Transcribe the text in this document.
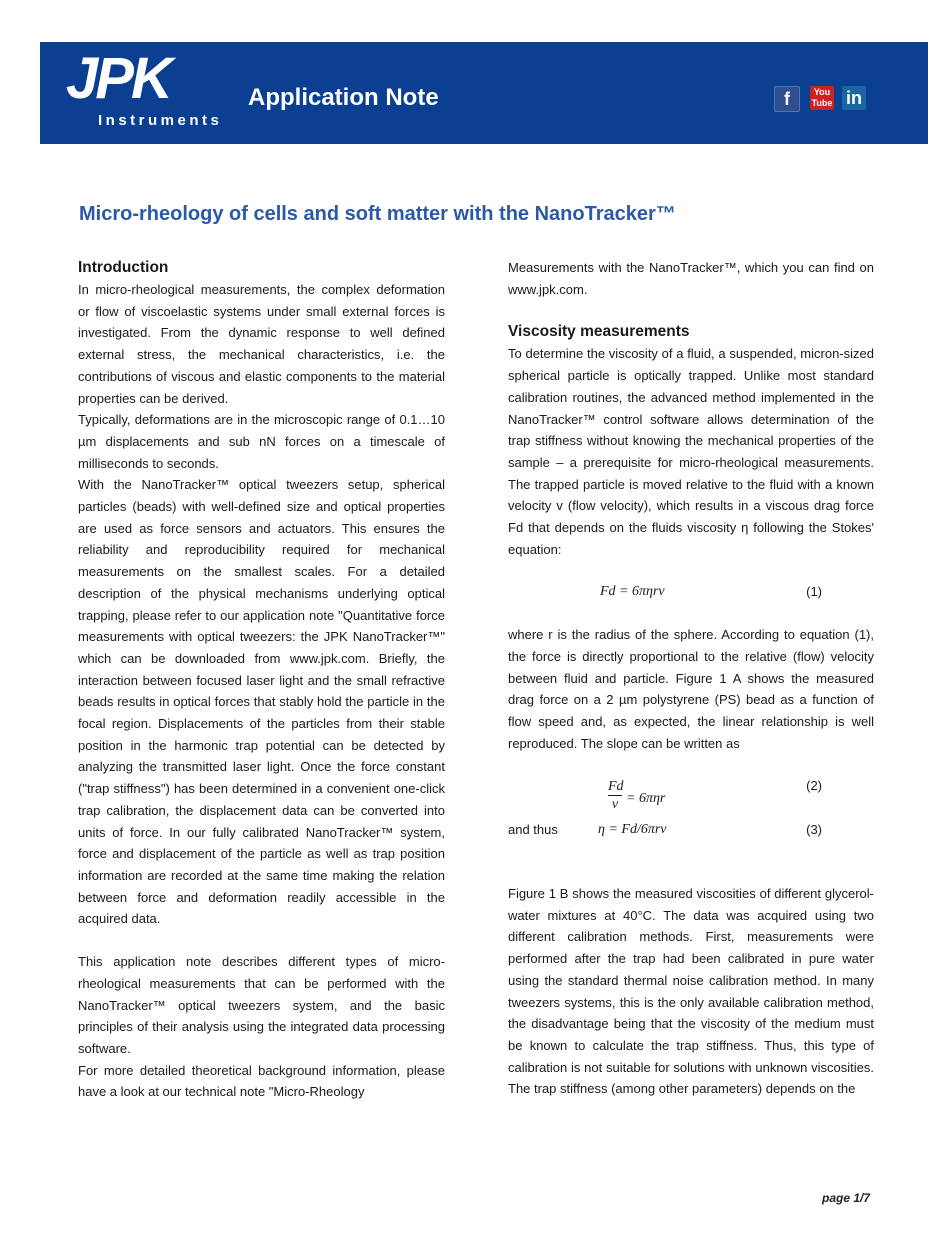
JPK
Instruments
Application Note	f	You Tube in
Micro-rheology of cells and soft matter with the NanoTracker™

Introduction

In micro-rheological measurements, the complex deformation or flow of viscoelastic systems under small external forces is investigated. From the dynamic response to well defined external stress, the mechanical characteristics, i.e. the contributions of viscous and elastic components to the material properties can be derived.

Typically, deformations are in the microscopic range of 0.1…10 µm displacements and sub nN forces on a timescale of milliseconds to seconds.

With the NanoTracker™ optical tweezers setup, spherical particles (beads) with well-defined size and optical properties are used as force sensors and actuators. This ensures the reliability and reproducibility required for mechanical measurements on the smallest scales. For a detailed description of the physical mechanisms underlying optical trapping, please refer to our application note "Quantitative force measurements with optical tweezers: the JPK NanoTracker™" which can be downloaded from www.jpk.com. Briefly, the interaction between focused laser light and the small refractive beads results in optical forces that stably hold the particle in the focal region. Displacements of the particles from their stable position in the harmonic trap potential can be detected by analyzing the transmitted laser light. Once the force constant ("trap stiffness") has been determined in a convenient one-click trap calibration, the displacement data can be converted into units of force. In our fully calibrated NanoTracker™ system, force and displacement of the particle as well as trap position information are recorded at the same time making the relation between force and deformation readily accessible in the acquired data.

This application note describes different types of micro-rheological measurements that can be performed with the NanoTracker™ optical tweezers system, and the basic principles of their analysis using the integrated data processing software.

For more detailed theoretical background information, please have a look at our technical note "Micro-Rheology

Measurements with the NanoTracker™, which you can find on www.jpk.com.

Viscosity measurements

To determine the viscosity of a fluid, a suspended, micron-sized spherical particle is optically trapped. Unlike most standard calibration routines, the advanced method implemented in the NanoTracker™ control software allows determination of the trap stiffness without knowing the mechanical properties of the sample – a prerequisite for micro-rheological measurements. The trapped particle is moved relative to the fluid with a known velocity v (flow velocity), which results in a viscous drag force Fd that depends on the fluids viscosity η following the Stokes' equation:

Fd = 6πηrv	(1)

where r is the radius of the sphere. According to equation (1), the force is directly proportional to the relative (flow) velocity between fluid and particle. Figure 1 A shows the measured drag force on a 2 µm polystyrene (PS) bead as a function of flow speed and, as expected, the linear relationship is well reproduced. The slope can be written as

Fd
v = 6πηr
(2)
and thus	η = Fd/6πrv	(3)

Figure 1 B shows the measured viscosities of different glycerol-water mixtures at 40°C. The data was acquired using two different calibration methods. First, measurements were performed after the trap had been calibrated in pure water using the standard thermal noise calibration method. In many tweezers systems, this is the only available calibration method, the disadvantage being that the viscosity of the medium must be known to calculate the trap stiffness. Thus, this type of calibration is not suitable for solutions with unknown viscosities. The trap stiffness (among other parameters) depends on the

page 1/7
